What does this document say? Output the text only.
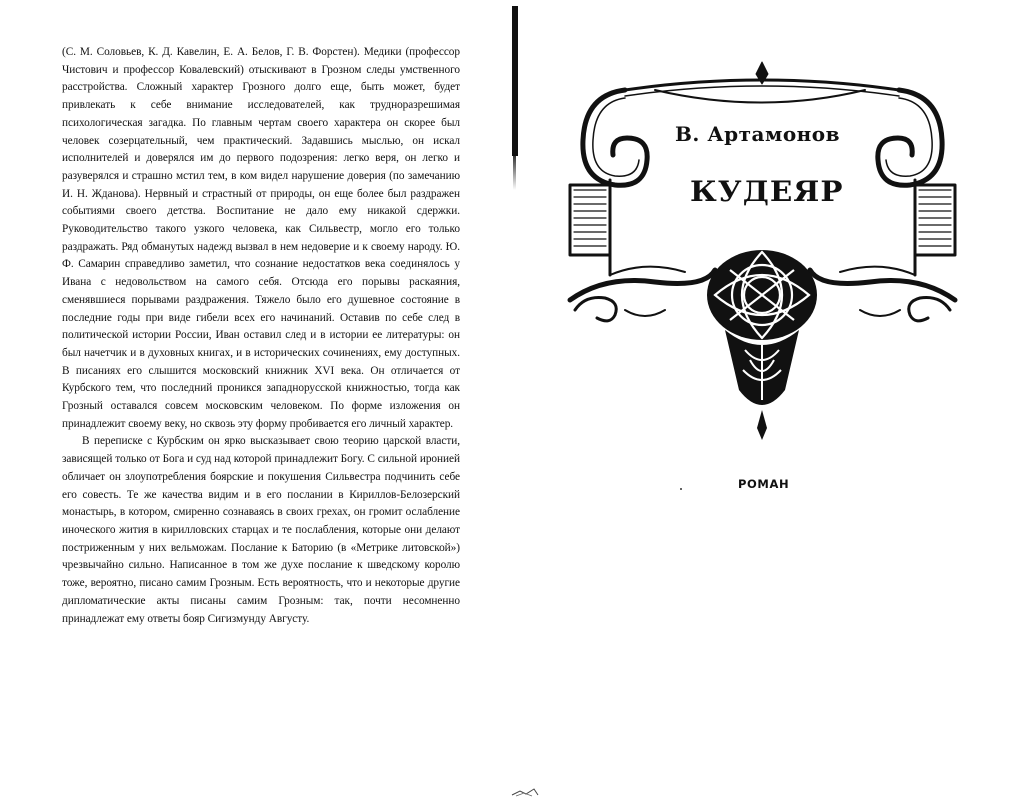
(С. М. Соловьев, К. Д. Кавелин, Е. А. Белов, Г. В. Форстен). Медики (профессор Чистович и профессор Ковалевский) отыскивают в Грозном следы умственного расстройства. Сложный характер Грозного долго еще, быть может, будет привлекать к себе внимание исследователей, как трудноразрешимая психологическая загадка. По главным чертам своего характера он скорее был человек созерцательный, чем практический. Задавшись мыслью, он искал исполнителей и доверялся им до первого подозрения: легко веря, он легко и разуверялся и страшно мстил тем, в ком видел нарушение доверия (по замечанию И. Н. Жданова). Нервный и страстный от природы, он еще более был раздражен событиями своего детства. Воспитание не дало ему никакой сдержки. Руководительство такого узкого человека, как Сильвестр, могло его только раздражать. Ряд обманутых надежд вызвал в нем недоверие и к своему народу. Ю. Ф. Самарин справедливо заметил, что сознание недостатков века соединялось у Ивана с недовольством на самого себя. Отсюда его порывы раскаяния, сменявшиеся порывами раздражения. Тяжело было его душевное состояние в последние годы при виде гибели всех его начинаний. Оставив по себе след в политической истории России, Иван оставил след и в истории ее литературы: он был начетчик и в духовных книгах, и в исторических сочинениях, ему доступных. В писаниях его слышится московский книжник XVI века. Он отличается от Курбского тем, что последний проникся западнорусской книжностью, тогда как Грозный оставался совсем московским человеком. По форме изложения он принадлежит своему веку, но сквозь эту форму пробивается его личный характер.

В переписке с Курбским он ярко высказывает свою теорию царской власти, зависящей только от Бога и суд над которой принадлежит Богу. С сильной иронией обличает он злоупотребления боярские и покушения Сильвестра подчинить себе его совесть. Те же качества видим и в его послании в Кириллов-Белозерский монастырь, в котором, смиренно сознаваясь в своих грехах, он громит ослабление иноческого жития в кирилловских старцах и те послабления, которые они делают постриженным у них вельможам. Послание к Баторию (в «Метрике литовской») чрезвычайно сильно. Написанное в том же духе послание к шведскому королю тоже, вероятно, писано самим Грозным. Есть вероятность, что и некоторые другие дипломатические акты писаны самим Грозным: так, почти несомненно принадлежат ему ответы бояр Сигизмунду Августу.

В. Артамонов
КУДЕЯР
РОМАН
